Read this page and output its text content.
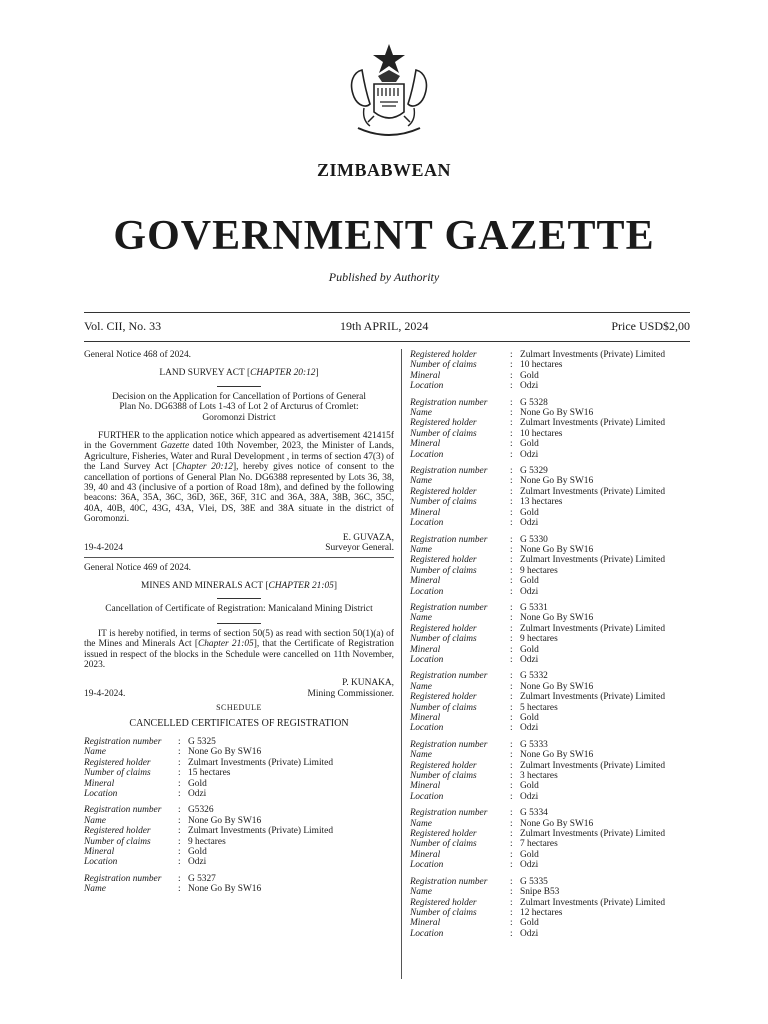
ZIMBABWEAN
GOVERNMENT GAZETTE

Published by Authority

Vol. CII, No. 33	19th APRIL, 2024	Price USD$2,00

General Notice 468 of 2024.

LAND SURVEY ACT [CHAPTER 20:12]

Decision on the Application for Cancellation of Portions of General Plan No. DG6388 of Lots 1-43 of Lot 2 of Arcturus of Cromlet: Goromonzi District

FURTHER to the application notice which appeared as advertisement 421415f in the Government Gazette dated 10th November, 2023, the Minister of Lands, Agriculture, Fisheries, Water and Rural Development , in terms of section 47(3) of the Land Survey Act [Chapter 20:12], hereby gives notice of consent to the cancellation of portions of General Plan No. DG6388 represented by Lots 36, 38, 39, 40 and 43 (inclusive of a portion of Road 18m), and defined by the following beacons: 36A, 35A, 36C, 36D, 36E, 36F, 31C and 36A, 38A, 38B, 36C, 35C, 40A, 40B, 40C, 43G, 43A, Vlei, DS, 38E and 38A situate in the district of Goromonzi.

19-4-2024
E. GUVAZA,
Surveyor General.

General Notice 469 of 2024.

MINES AND MINERALS ACT [CHAPTER 21:05]

Cancellation of Certificate of Registration: Manicaland Mining District

IT is hereby notified, in terms of section 50(5) as read with section 50(1)(a) of the Mines and Minerals Act [Chapter 21:05], that the Certificate of Registration issued in respect of the blocks in the Schedule were cancelled on 11th November, 2023.

19-4-2024.
P. KUNAKA,
Mining Commissioner.

SCHEDULE

CANCELLED CERTIFICATES OF REGISTRATION

Registration number	: G 5325
Name	: None Go By SW16
Registered holder	: Zulmart Investments (Private) Limited
Number of claims	: 15 hectares
Mineral	: Gold
Location	: Odzi
Registration number	: G5326
Name	: None Go By SW16
Registered holder	: Zulmart Investments (Private) Limited
Number of claims	: 9 hectares
Mineral	: Gold
Location	: Odzi
Registration number	: G 5327
Name	: None Go By SW16
Registered holder	: Zulmart Investments (Private) Limited
Number of claims	: 10 hectares
Mineral	: Gold
Location	: Odzi
Registration number	: G 5328
Name	: None Go By SW16
Registered holder	: Zulmart Investments (Private) Limited
Number of claims	: 10 hectares
Mineral	: Gold
Location	: Odzi
Registration number	: G 5329
Name	: None Go By SW16
Registered holder	: Zulmart Investments (Private) Limited
Number of claims	: 13 hectares
Mineral	: Gold
Location	: Odzi
Registration number	: G 5330
Name	: None Go By SW16
Registered holder	: Zulmart Investments (Private) Limited
Number of claims	: 9 hectares
Mineral	: Gold
Location	: Odzi
Registration number	: G 5331
Name	: None Go By SW16
Registered holder	: Zulmart Investments (Private) Limited
Number of claims	: 9 hectares
Mineral	: Gold
Location	: Odzi
Registration number	: G 5332
Name	: None Go By SW16
Registered holder	: Zulmart Investments (Private) Limited
Number of claims	: 5 hectares
Mineral	: Gold
Location	: Odzi
Registration number	: G 5333
Name	: None Go By SW16
Registered holder	: Zulmart Investments (Private) Limited
Number of claims	: 3 hectares
Mineral	: Gold
Location	: Odzi
Registration number	: G 5334
Name	: None Go By SW16
Registered holder	: Zulmart Investments (Private) Limited
Number of claims	: 7 hectares
Mineral	: Gold
Location	: Odzi
Registration number	: G 5335
Name	: Snipe B53
Registered holder	: Zulmart Investments (Private) Limited
Number of claims	: 12 hectares
Mineral	: Gold
Location	: Odzi
